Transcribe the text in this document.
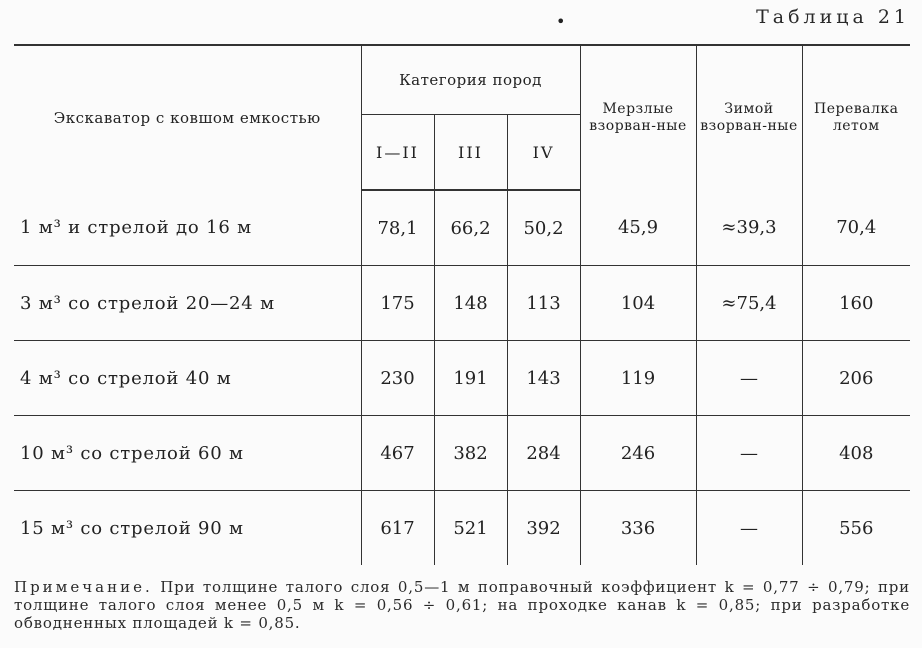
•	Таблица 21
Экскаватор с ковшом емкостью	Категория пород			Мерзлые взорван-ные	Зимой взорван-ные	Перевалка летом
	I—II	III	IV			
1 м³ и стрелой до 16 м	78,1	66,2	50,2	45,9	≈39,3	70,4
3 м³ со стрелой 20—24 м	175	148	113	104	≈75,4	160
4 м³ со стрелой 40 м	230	191	143	119	—	206
10 м³ со стрелой 60 м	467	382	284	246	—	408
15 м³ со стрелой 90 м	617	521	392	336	—	556
Примечание. При толщине талого слоя 0,5—1 м поправочный коэффициент k = 0,77 ÷ 0,79; при толщине талого слоя менее 0,5 м k = 0,56 ÷ 0,61; на проходке канав k = 0,85; при разработке обводненных площадей k = 0,85.
